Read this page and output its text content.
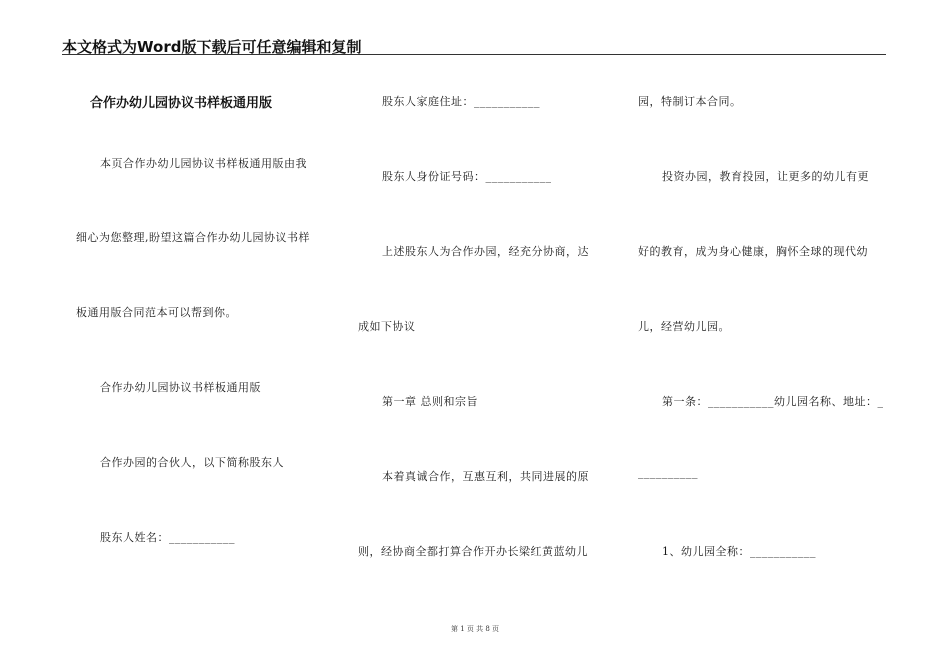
本文格式为Word版下载后可任意编辑和复制
合作办幼儿园协议书样板通用版
本页合作办幼儿园协议书样板通用版由我
细心为您整理,盼望这篇合作办幼儿园协议书样
板通用版合同范本可以帮到你。
合作办幼儿园协议书样板通用版
合作办园的合伙人，以下简称股东人
股东人姓名：___________
股东人家庭住址：___________
股东人身份证号码：___________
上述股东人为合作办园，经充分协商，达
成如下协议
第一章 总则和宗旨
本着真诚合作，互惠互利，共同进展的原
则，经协商全都打算合作开办长梁红黄蓝幼儿
园，特制订本合同。
投资办园，教育投园，让更多的幼儿有更
好的教育，成为身心健康，胸怀全球的现代幼
儿，经营幼儿园。
第一条：___________幼儿园名称、地址：_
__________
1、幼儿园全称：___________
第 1 页 共 8 页
